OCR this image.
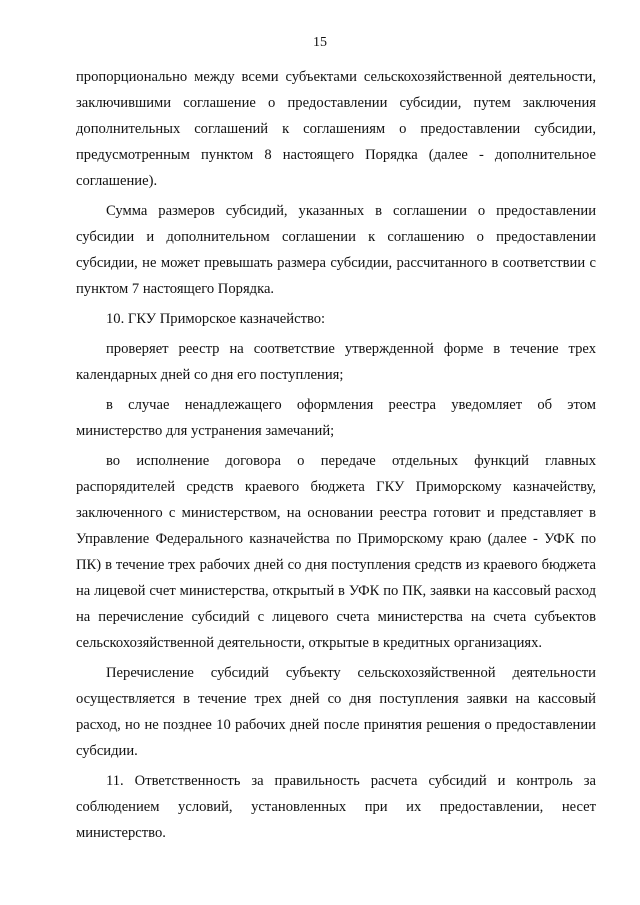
15

пропорционально между всеми субъектами сельскохозяйственной деятельности, заключившими соглашение о предоставлении субсидии, путем заключения дополнительных соглашений к соглашениям о предоставлении субсидии, предусмотренным пунктом 8 настоящего Порядка (далее - дополнительное соглашение).

Сумма размеров субсидий, указанных в соглашении о предоставлении субсидии и дополнительном соглашении к соглашению о предоставлении субсидии, не может превышать размера субсидии, рассчитанного в соответствии с пунктом 7 настоящего Порядка.

10. ГКУ Приморское казначейство:

проверяет реестр на соответствие утвержденной форме в течение трех календарных дней со дня его поступления;

в случае ненадлежащего оформления реестра уведомляет об этом министерство для устранения замечаний;

во исполнение договора о передаче отдельных функций главных распорядителей средств краевого бюджета ГКУ Приморскому казначейству, заключенного с министерством, на основании реестра готовит и представляет в Управление Федерального казначейства по Приморскому краю (далее - УФК по ПК) в течение трех рабочих дней со дня поступления средств из краевого бюджета на лицевой счет министерства, открытый в УФК по ПК, заявки на кассовый расход на перечисление субсидий с лицевого счета министерства на счета субъектов сельскохозяйственной деятельности, открытые в кредитных организациях.

Перечисление субсидий субъекту сельскохозяйственной деятельности осуществляется в течение трех дней со дня поступления заявки на кассовый расход, но не позднее 10 рабочих дней после принятия решения о предоставлении субсидии.

11. Ответственность за правильность расчета субсидий и контроль за соблюдением условий, установленных при их предоставлении, несет министерство.
